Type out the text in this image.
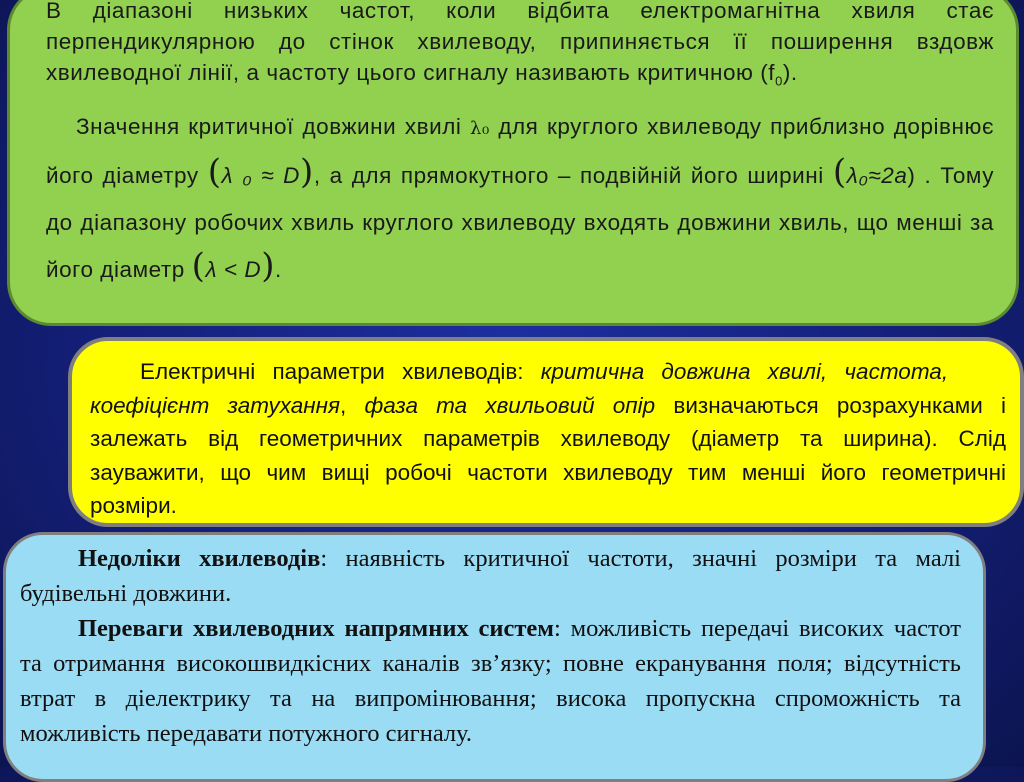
В діапазоні низьких частот, коли відбита електромагнітна хвиля стає перпендикулярною до стінок хвилеводу, припиняється її поширення вздовж хвилеводної лінії, а частоту цього сигналу називають критичною $(f_0)$.

Значення критичної довжини хвилі λ₀ для круглого хвилеводу приблизно дорівнює його діаметру (λ ₀ ≈ D), а для прямокутного – подвійній його ширині (λ₀≈2a) . Тому до діапазону робочих хвиль круглого хвилеводу входять довжини хвиль, що менші за його діаметр (λ < D).

Електричні параметри хвилеводів: критична довжина хвилі, частота,     коефіцієнт затухання, фаза та хвильовий опір визначаються розрахунками і залежать від геометричних параметрів хвилеводу (діаметр та ширина). Слід зауважити, що чим вищі робочі частоти хвилеводу тим менші його геометричні розміри.

Недоліки хвилеводів: наявність критичної частоти, значні розміри та малі будівельні довжини.

Переваги хвилеводних напрямних систем: можливість передачі високих частот та отримання високошвидкісних каналів зв’язку; повне екранування поля; відсутність втрат в діелектрику та на випромінювання; висока пропускна спроможність та можливість передавати потужного сигналу.
